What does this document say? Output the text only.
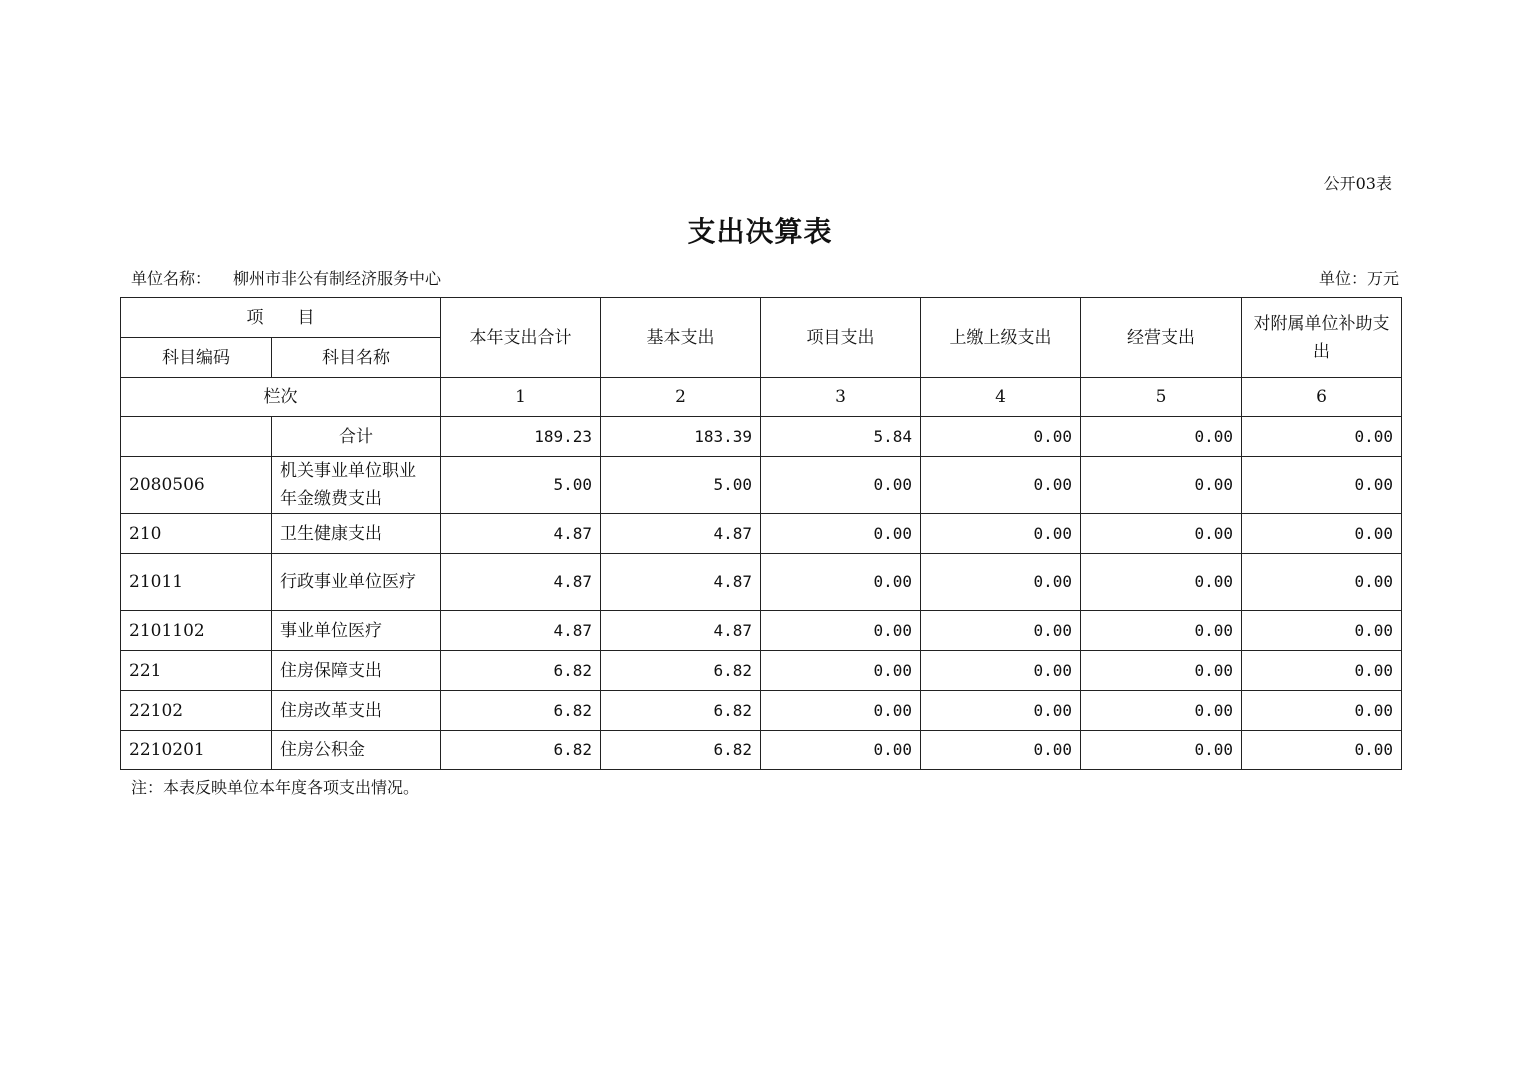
公开03表
支出决算表
单位名称： 柳州市非公有制经济服务中心	单位：万元
项　　目		本年支出合计	基本支出	项目支出	上缴上级支出	经营支出	对附属单位补助支出
科目编码	科目名称						
栏次		1	2	3	4	5	6
	合计	189.23	183.39	5.84	0.00	0.00	0.00
2080506	机关事业单位职业年金缴费支出	5.00	5.00	0.00	0.00	0.00	0.00
210	卫生健康支出	4.87	4.87	0.00	0.00	0.00	0.00
21011	行政事业单位医疗	4.87	4.87	0.00	0.00	0.00	0.00
2101102	事业单位医疗	4.87	4.87	0.00	0.00	0.00	0.00
221	住房保障支出	6.82	6.82	0.00	0.00	0.00	0.00
22102	住房改革支出	6.82	6.82	0.00	0.00	0.00	0.00
2210201	住房公积金	6.82	6.82	0.00	0.00	0.00	0.00
注：本表反映单位本年度各项支出情况。
